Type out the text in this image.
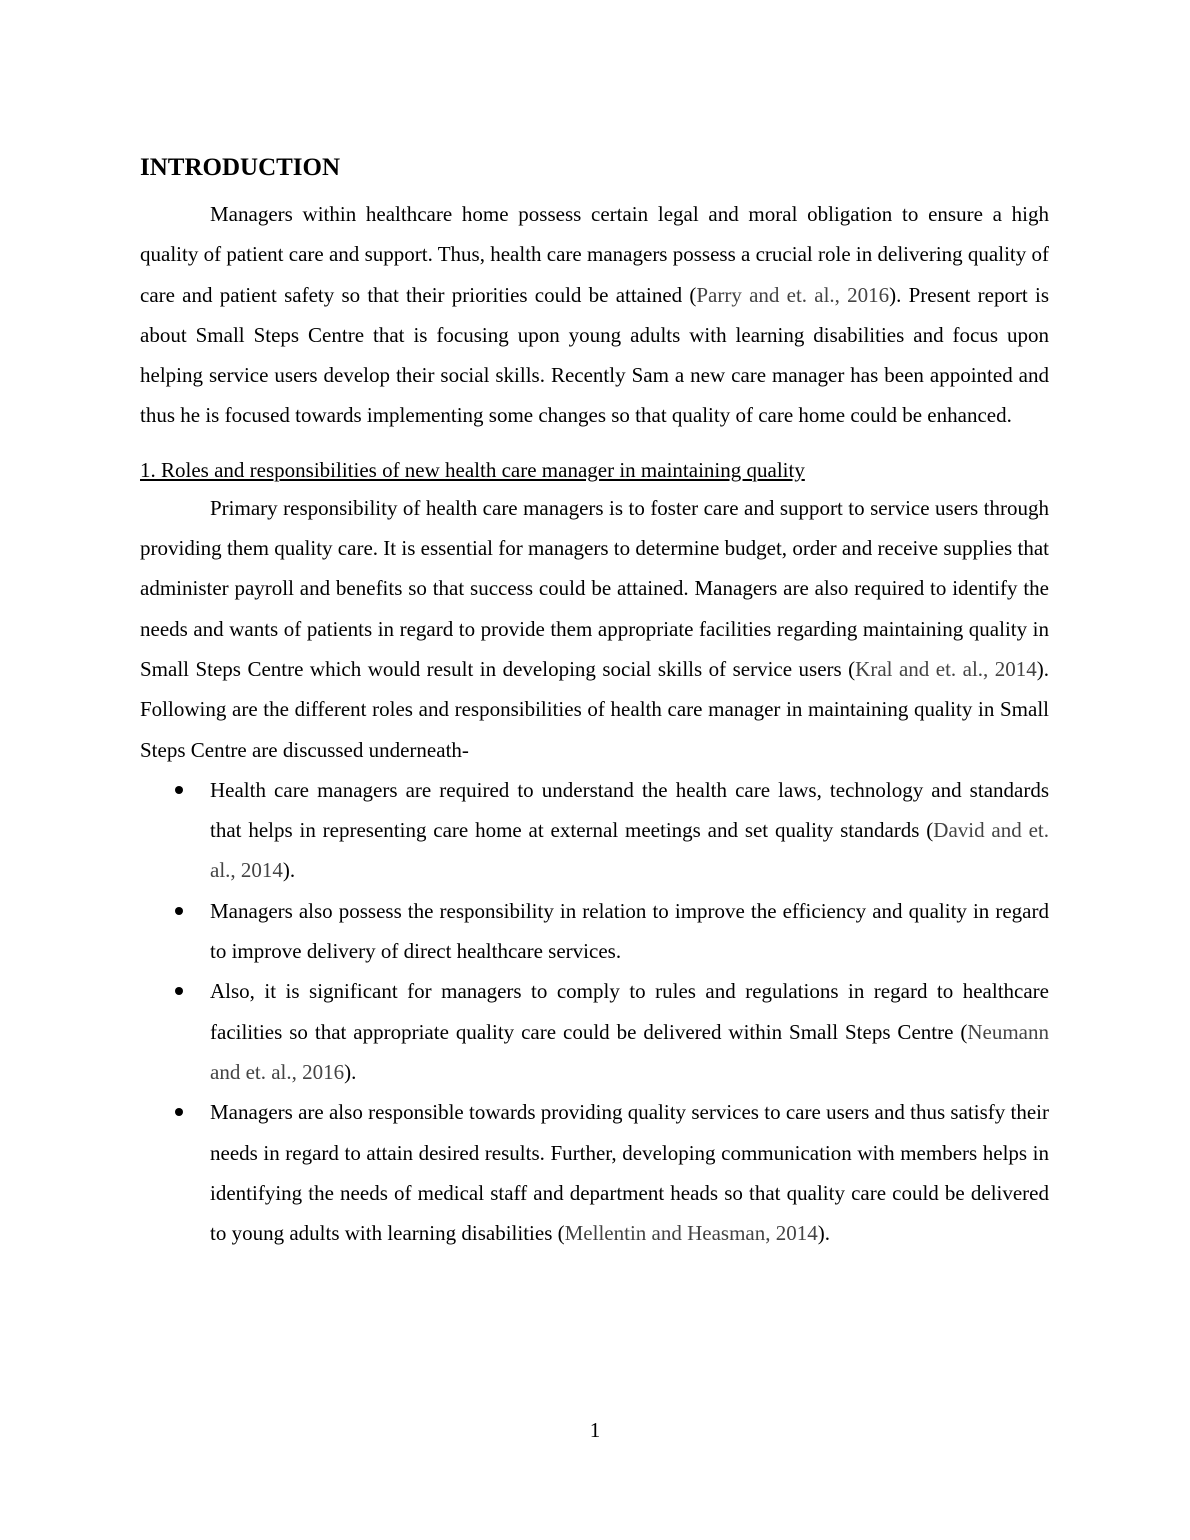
INTRODUCTION

Managers within healthcare home possess certain legal and moral obligation to ensure a high quality of patient care and support. Thus, health care managers possess a crucial role in delivering quality of care and patient safety so that their priorities could be attained (Parry and et. al., 2016). Present report is about Small Steps Centre that is focusing upon young adults with learning disabilities and focus upon helping service users develop their social skills. Recently Sam a new care manager has been appointed and thus he is focused towards implementing some changes so that quality of care home could be enhanced.

1. Roles and responsibilities of new health care manager in maintaining quality

Primary responsibility of health care managers is to foster care and support to service users through providing them quality care. It is essential for managers to determine budget, order and receive supplies that administer payroll and benefits so that success could be attained. Managers are also required to identify the needs and wants of patients in regard to provide them appropriate facilities regarding maintaining quality in Small Steps Centre which would result in developing social skills of service users (Kral and et. al., 2014). Following are the different roles and responsibilities of health care manager in maintaining quality in Small Steps Centre are discussed underneath-

Health care managers are required to understand the health care laws, technology and standards that helps in representing care home at external meetings and set quality standards (David and et. al., 2014).
Managers also possess the responsibility in relation to improve the efficiency and quality in regard to improve delivery of direct healthcare services.
Also, it is significant for managers to comply to rules and regulations in regard to healthcare facilities so that appropriate quality care could be delivered within Small Steps Centre (Neumann and et. al., 2016).
Managers are also responsible towards providing quality services to care users and thus satisfy their needs in regard to attain desired results. Further, developing communication with members helps in identifying the needs of medical staff and department heads so that quality care could be delivered to young adults with learning disabilities (Mellentin and Heasman, 2014).
1
